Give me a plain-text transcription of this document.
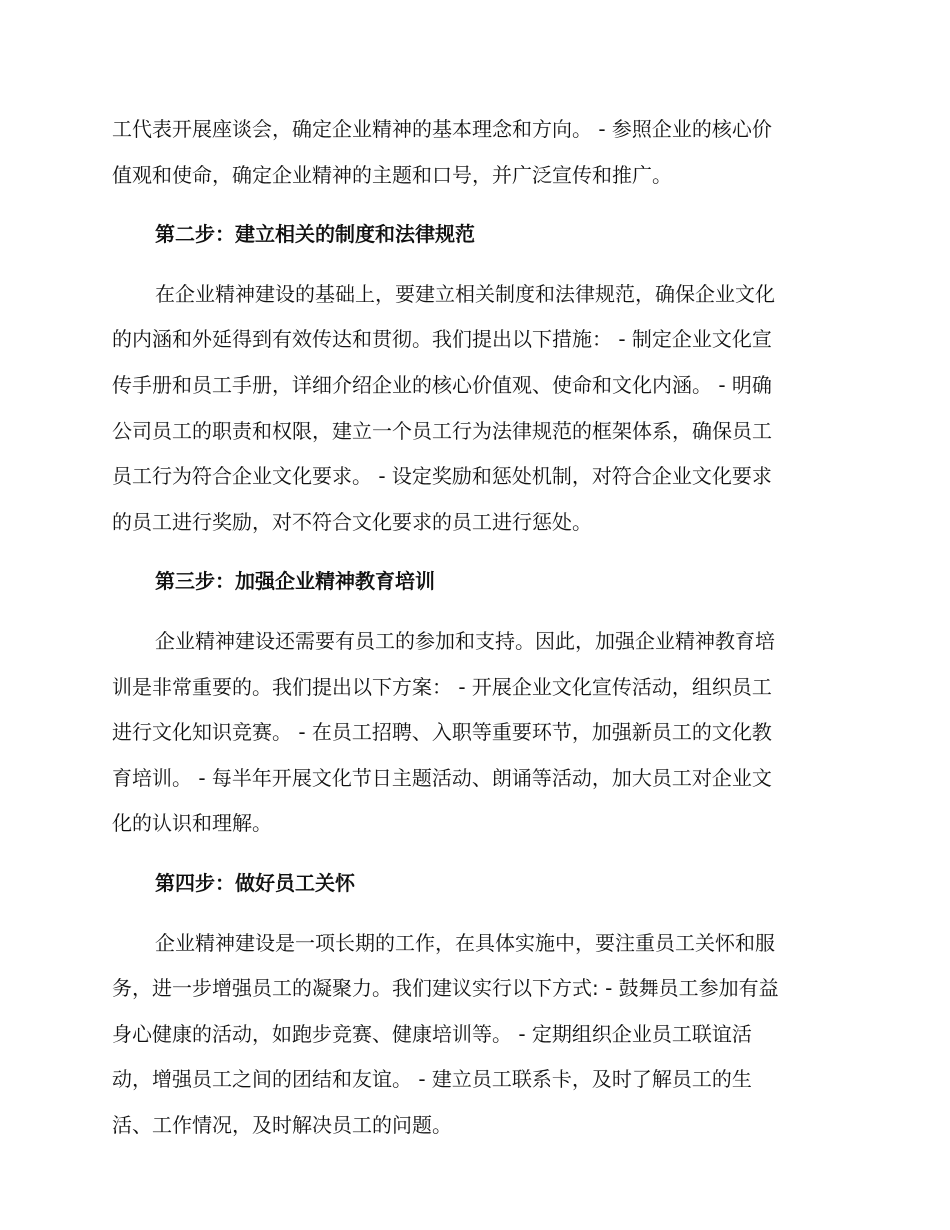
工代表开展座谈会，确定企业精神的基本理念和方向。 - 参照企业的核心价
值观和使命，确定企业精神的主题和口号，并广泛宣传和推广。
第二步：建立相关的制度和法律规范
在企业精神建设的基础上，要建立相关制度和法律规范，确保企业文化
的内涵和外延得到有效传达和贯彻。我们提出以下措施： - 制定企业文化宣
传手册和员工手册，详细介绍企业的核心价值观、使命和文化内涵。 - 明确
公司员工的职责和权限，建立一个员工行为法律规范的框架体系，确保员工
员工行为符合企业文化要求。 - 设定奖励和惩处机制，对符合企业文化要求
的员工进行奖励，对不符合文化要求的员工进行惩处。
第三步：加强企业精神教育培训
企业精神建设还需要有员工的参加和支持。因此，加强企业精神教育培
训是非常重要的。我们提出以下方案： - 开展企业文化宣传活动，组织员工
进行文化知识竞赛。 - 在员工招聘、入职等重要环节，加强新员工的文化教
育培训。 - 每半年开展文化节日主题活动、朗诵等活动，加大员工对企业文
化的认识和理解。
第四步：做好员工关怀
企业精神建设是一项长期的工作，在具体实施中，要注重员工关怀和服
务，进一步增强员工的凝聚力。我们建议实行以下方式: - 鼓舞员工参加有益
身心健康的活动，如跑步竞赛、健康培训等。 - 定期组织企业员工联谊活
动，增强员工之间的团结和友谊。 - 建立员工联系卡，及时了解员工的生
活、工作情况，及时解决员工的问题。
